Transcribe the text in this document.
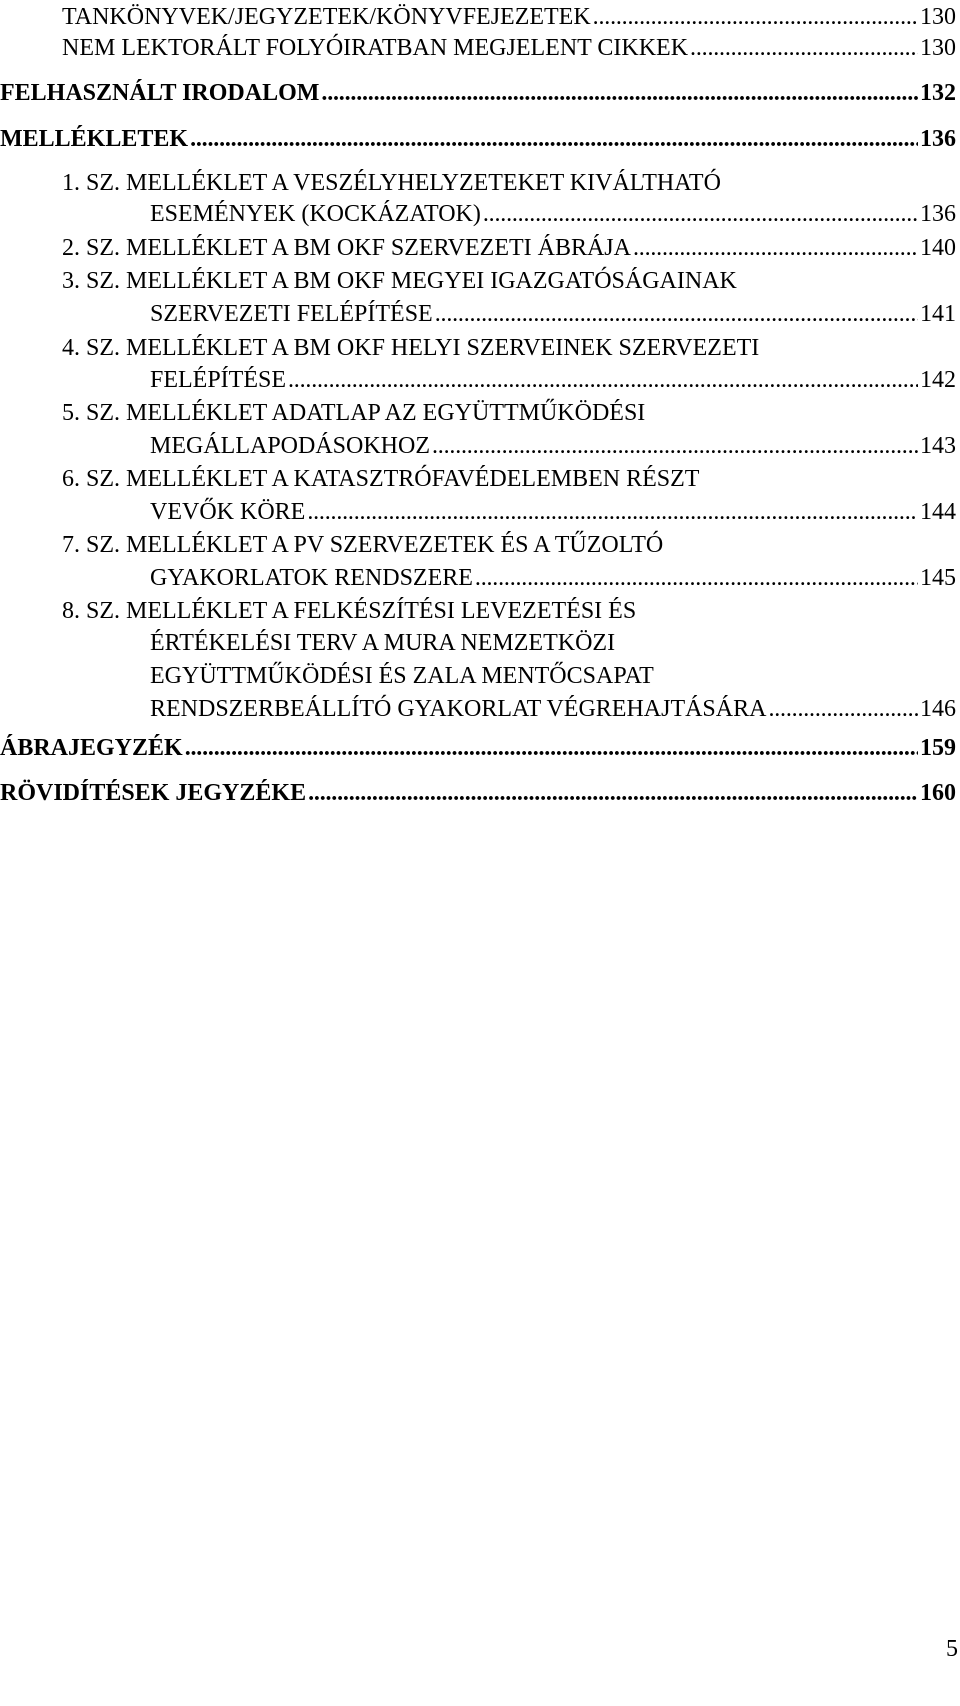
TANKÖNYVEK/JEGYZETEK/KÖNYVFEJEZETEK . . .	130
NEM LEKTORÁLT FOLYÓIRATBAN MEGJELENT CIKKEK . . .	130
FELHASZNÁLT IRODALOM . . .	132
MELLÉKLETEK . . .	136
1. SZ. MELLÉKLET A VESZÉLYHELYZETEKET KIVÁLTHATÓ
ESEMÉNYEK (KOCKÁZATOK) . . .	136
2. SZ. MELLÉKLET A BM OKF SZERVEZETI ÁBRÁJA . . .	140
3. SZ. MELLÉKLET A BM OKF MEGYEI IGAZGATÓSÁGAINAK
SZERVEZETI FELÉPÍTÉSE . . .	141
4. SZ. MELLÉKLET A BM OKF HELYI SZERVEINEK SZERVEZETI
FELÉPÍTÉSE . . .	142
5. SZ. MELLÉKLET ADATLAP AZ EGYÜTTMŰKÖDÉSI
MEGÁLLAPODÁSOKHOZ . . .	143
6. SZ. MELLÉKLET A KATASZTRÓFAVÉDELEMBEN RÉSZT
VEVŐK KÖRE . . .	144
7. SZ. MELLÉKLET A PV SZERVEZETEK ÉS A TŰZOLTÓ
GYAKORLATOK RENDSZERE . . .	145
8. SZ. MELLÉKLET A FELKÉSZÍTÉSI LEVEZETÉSI ÉS
ÉRTÉKELÉSI TERV A MURA NEMZETKÖZI
EGYÜTTMŰKÖDÉSI ÉS ZALA MENTŐCSAPAT
RENDSZERBEÁLLÍTÓ GYAKORLAT VÉGREHAJTÁSÁRA . . .	146
ÁBRAJEGYZÉK . . .	159
RÖVIDÍTÉSEK JEGYZÉKE . . .	160
5
